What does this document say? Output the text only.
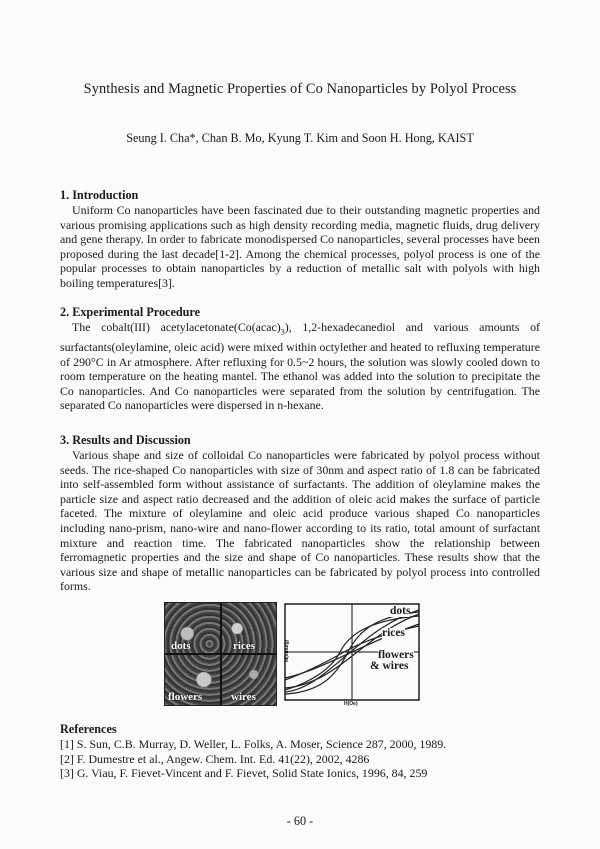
Synthesis and Magnetic Properties of Co Nanoparticles by Polyol Process
Seung I. Cha*, Chan B. Mo, Kyung T. Kim and Soon H. Hong, KAIST
1. Introduction
Uniform Co nanoparticles have been fascinated due to their outstanding magnetic properties and various promising applications such as high density recording media, magnetic fluids, drug delivery and gene therapy. In order to fabricate monodispersed Co nanoparticles, several processes have been proposed during the last decade[1-2]. Among the chemical processes, polyol process is one of the popular processes to obtain nanoparticles by a reduction of metallic salt with polyols with high boiling temperatures[3].
2. Experimental Procedure
The cobalt(III) $acetylacetonate(Co(acac)_3)$, 1,2-hexadecanediol and various amounts of surfactants(oleylamine, oleic acid) were mixed within octylether and heated to refluxing temperature of 290°C in Ar atmosphere. After refluxing for 0.5~2 hours, the solution was slowly cooled down to room temperature on the heating mantel. The ethanol was added into the solution to precipitate the Co nanoparticles. And Co nanoparticles were separated from the solution by centrifugation. The separated Co nanoparticles were dispersed in n-hexane.
3. Results and Discussion
Various shape and size of colloidal Co nanoparticles were fabricated by polyol process without seeds. The rice-shaped Co nanoparticles with size of 30nm and aspect ratio of 1.8 can be fabricated into self-assembled form without assistance of surfactants. The addition of oleylamine makes the particle size and aspect ratio decreased and the addition of oleic acid makes the surface of particle faceted. The mixture of oleylamine and oleic acid produce various shaped Co nanoparticles including nano-prism, nano-wire and nano-flower according to its ratio, total amount of surfactant mixture and reaction time. The fabricated nanoparticles show the relationship between ferromagnetic properties and the size and shape of Co nanoparticles. These results show that the various size and shape of metallic nanoparticles can be fabricated by polyol process into controlled forms.
dots	rices
flowers	wires
M(emu/g)
H(Oe)
dots
rices
flowers
& wires
References
[1] S. Sun, C.B. Murray, D. Weller, L. Folks, A. Moser, Science 287, 2000, 1989.
[2] F. Dumestre et al., Angew. Chem. Int. Ed. 41(22), 2002, 4286
[3] G. Viau, F. Fievet-Vincent and F. Fievet, Solid State Ionics, 1996, 84, 259
- 60 -
